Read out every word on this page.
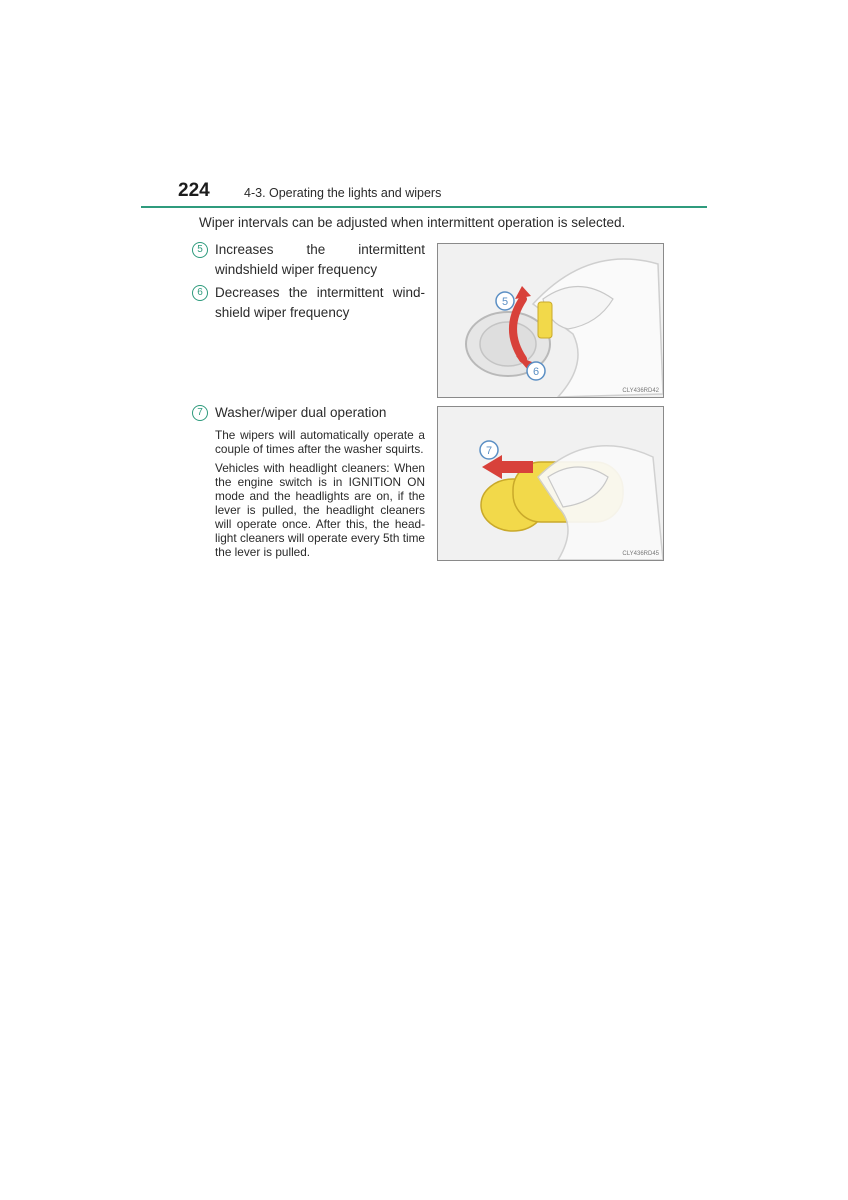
224	4-3. Operating the lights and wipers
Wiper intervals can be adjusted when intermittent operation is selected.
5 Increases the intermittent windshield wiper frequency
6 Decreases the intermittent wind-shield wiper frequency
7 Washer/wiper dual operation
The wipers will automatically operate a couple of times after the washer squirts.
Vehicles with headlight cleaners: When the engine switch is in IGNITION ON mode and the headlights are on, if the lever is pulled, the headlight cleaners will operate once. After this, the head-light cleaners will operate every 5th time the lever is pulled.
5
6
CLY436RD42
7
CLY436RD45
